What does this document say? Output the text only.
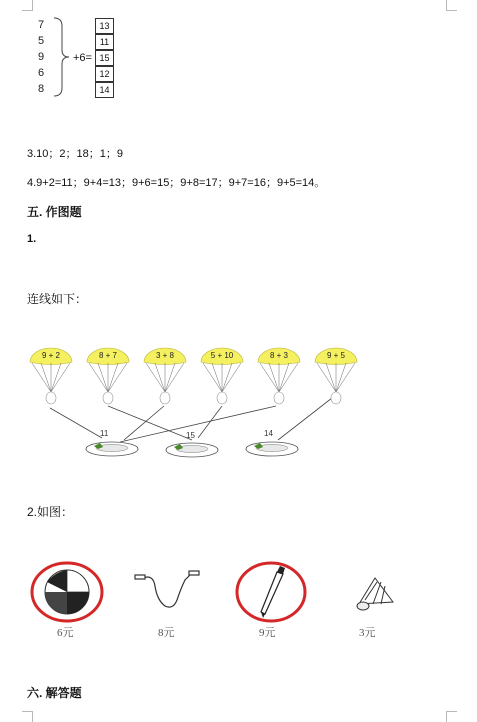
7
5
9
6
8
+6=
13
11
15
12
14
3.10；2；18；1；9
4.9+2=11；9+4=13；9+6=15；9+8=17；9+7=16；9+5=14。
五. 作图题
1.
连线如下：
9 + 2	8 + 7	3 + 8	5 + 10	8 + 3	9 + 5
11	15	14
2.如图：
6元	8元	9元	3元
六. 解答题
